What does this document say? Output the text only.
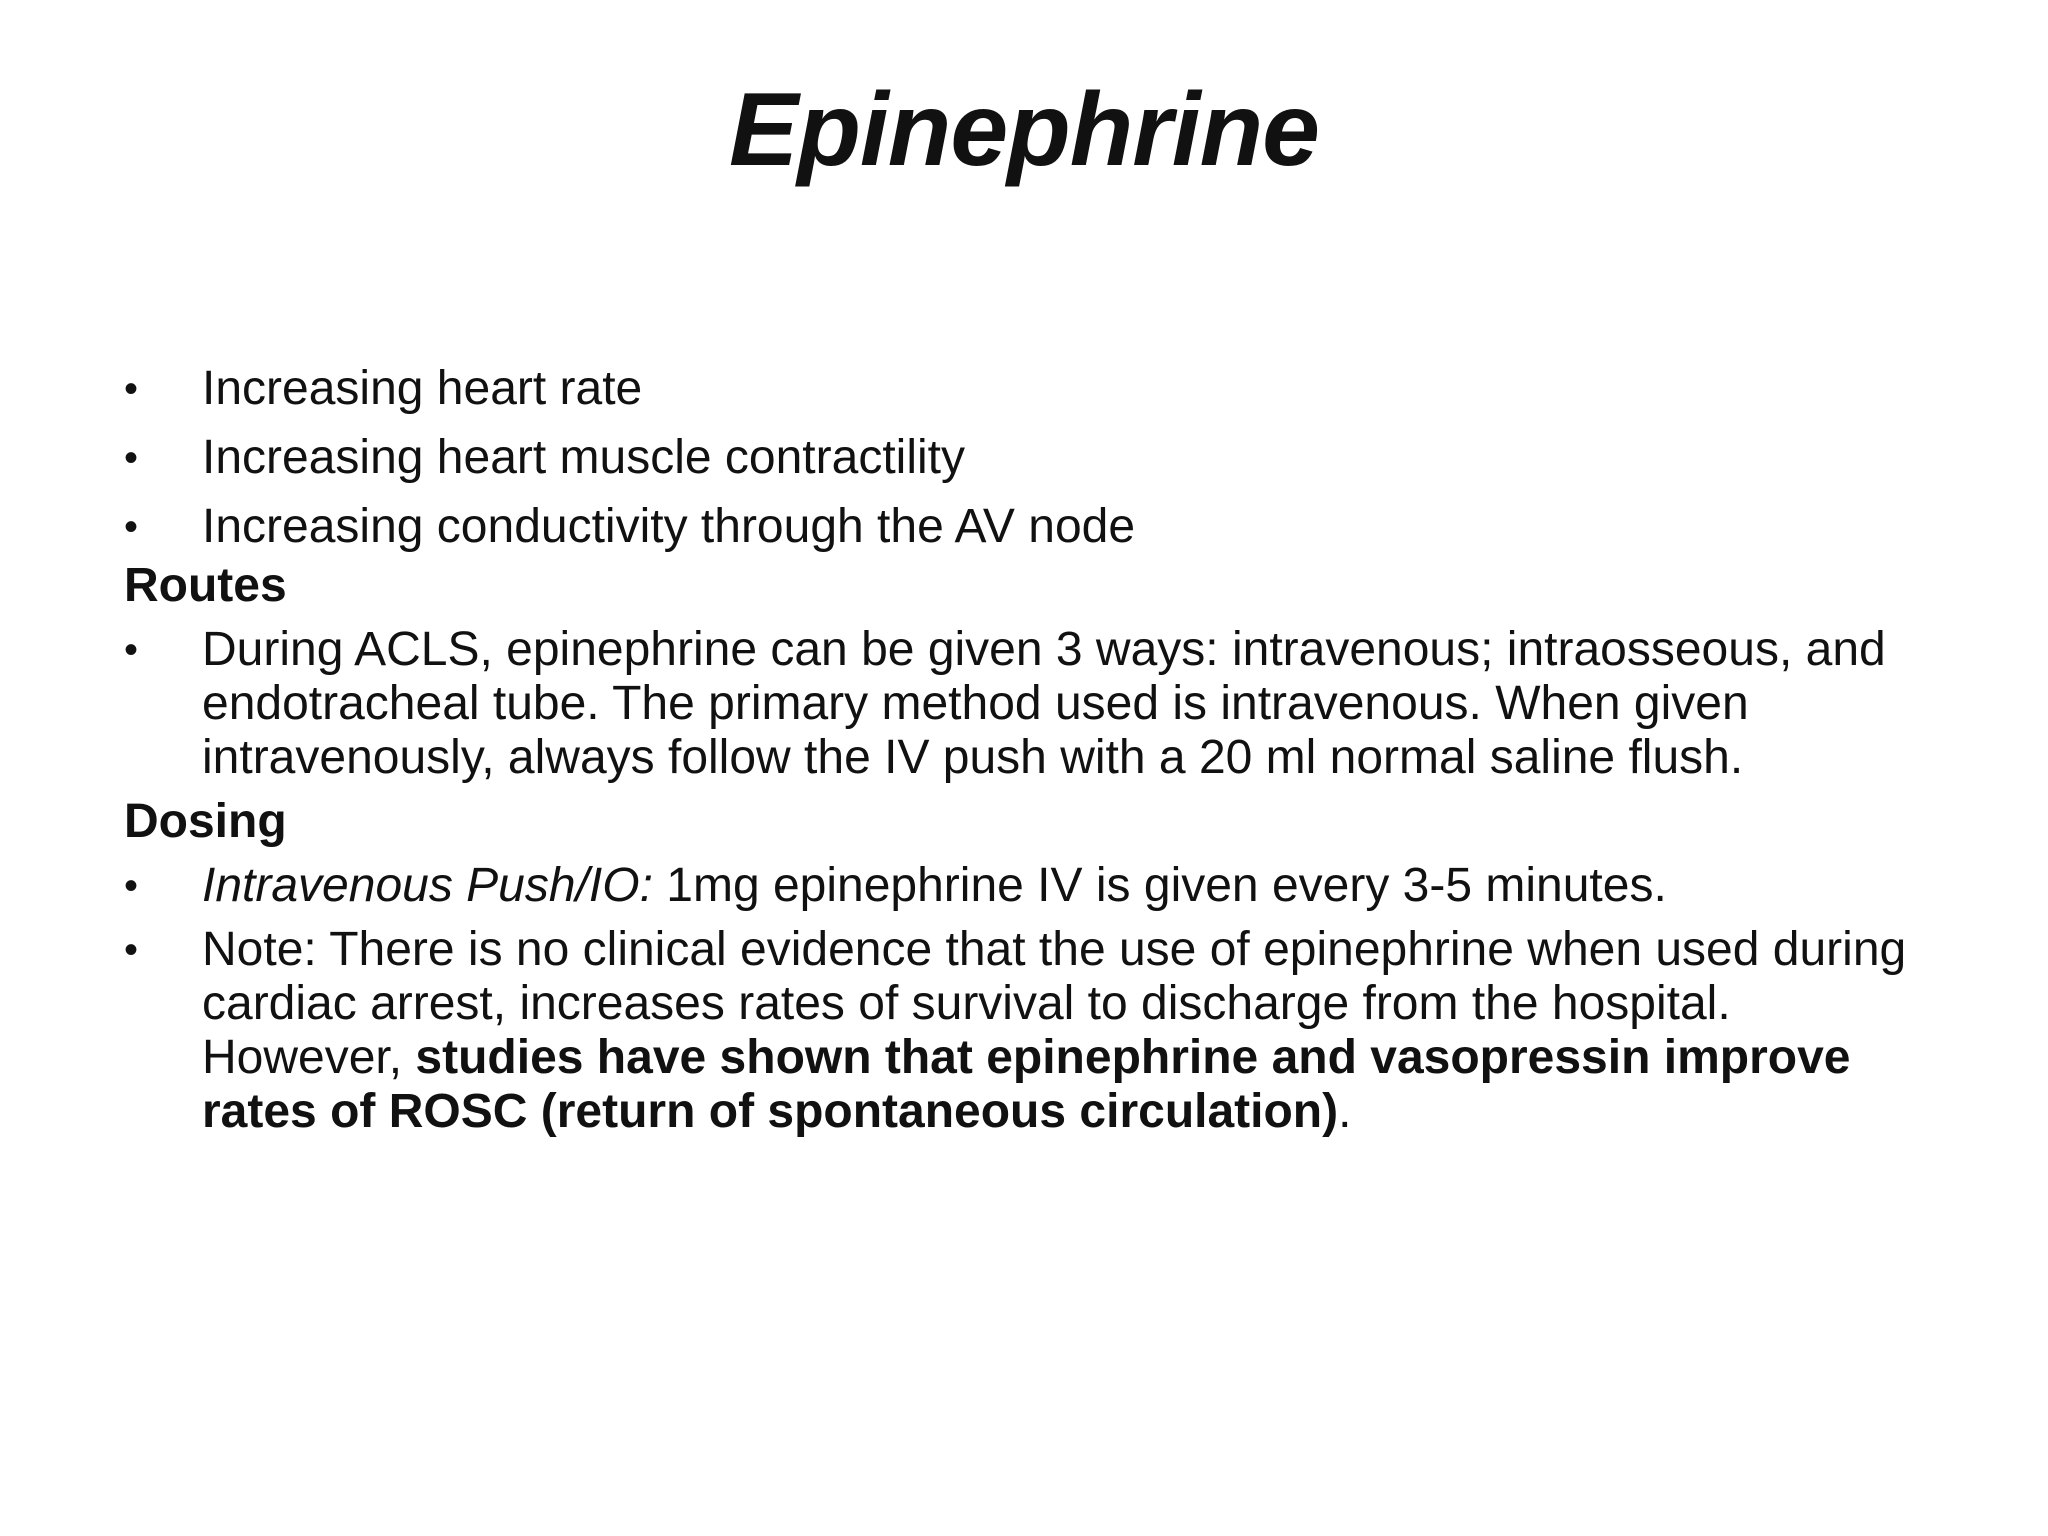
Epinephrine
•	Increasing heart rate
•	Increasing heart muscle contractility
•	Increasing conductivity through the AV node
Routes
•	During ACLS, epinephrine can be given 3 ways: intravenous; intraosseous, and endotracheal tube. The primary method used is intravenous. When given intravenously, always follow the IV push with a 20 ml normal saline flush.
Dosing
•	Intravenous Push/IO: 1mg epinephrine IV is given every 3-5 minutes.
•	Note: There is no clinical evidence that the use of epinephrine when used during cardiac arrest, increases rates of survival to discharge from the hospital. However, studies have shown that epinephrine and vasopressin improve rates of ROSC (return of spontaneous circulation).
